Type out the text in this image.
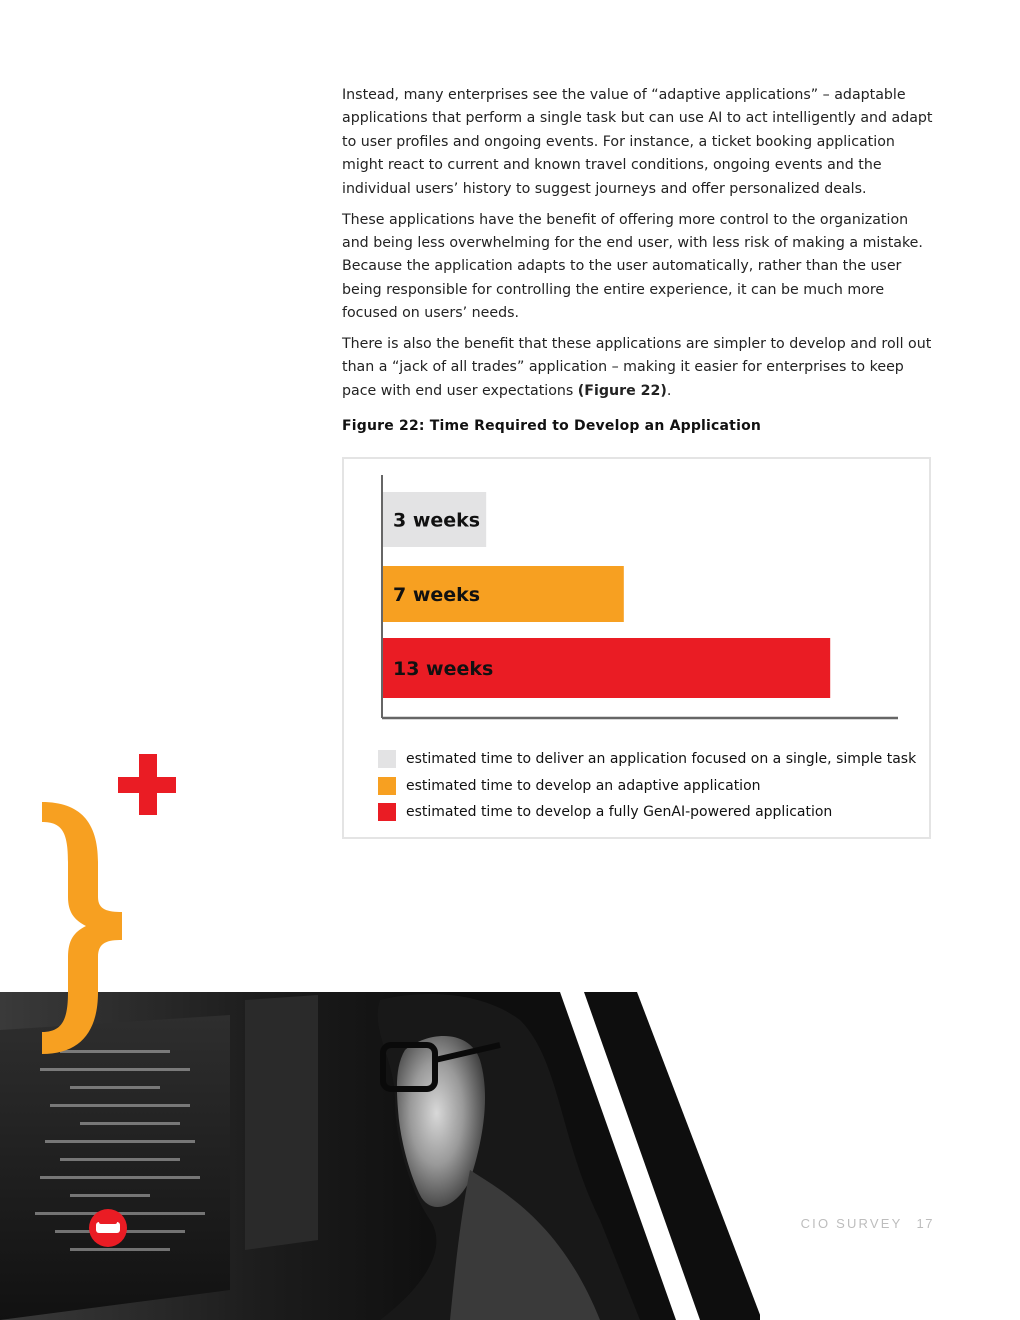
Instead, many enterprises see the value of “adaptive applications” – adaptable applications that perform a single task but can use AI to act intelligently and adapt to user profiles and ongoing events. For instance, a ticket booking application might react to current and known travel conditions, ongoing events and the individual users’ history to suggest journeys and offer personalized deals.

These applications have the benefit of offering more control to the organization and being less overwhelming for the end user, with less risk of making a mistake. Because the application adapts to the user automatically, rather than the user being responsible for controlling the entire experience, it can be much more focused on users’ needs.

There is also the benefit that these applications are simpler to develop and roll out than a “jack of all trades” application – making it easier for enterprises to keep pace with end user expectations (Figure 22).

Figure 22: Time Required to Develop an Application
3 weeks
7 weeks
13 weeks
estimated time to deliver an application focused on a single, simple task
estimated time to develop an adaptive application
estimated time to develop a fully GenAI-powered application
CIO SURVEY 17
